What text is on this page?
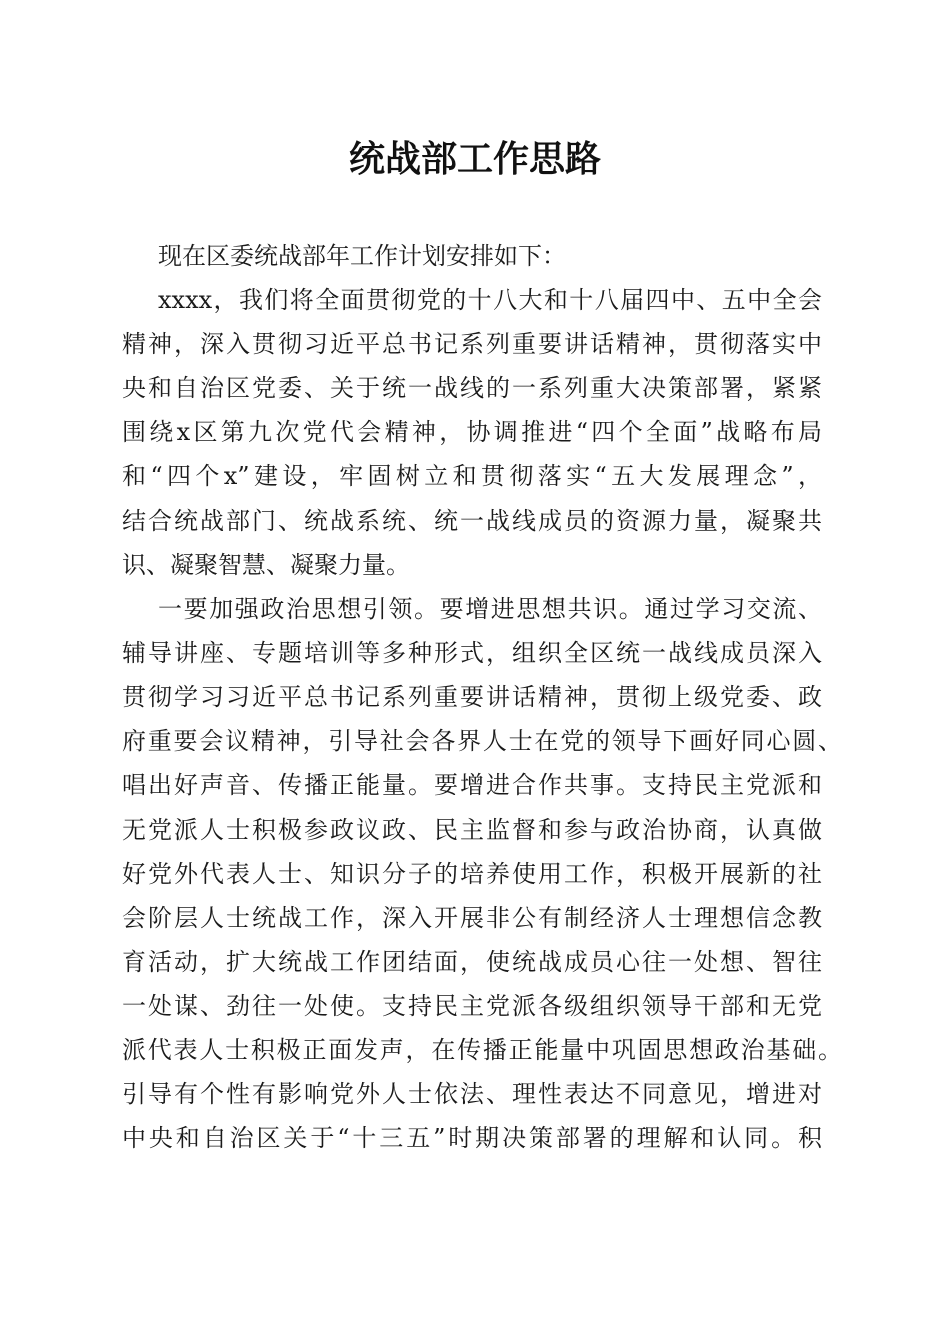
统战部工作思路
现在区委统战部年工作计划安排如下：
xxxx，我们将全面贯彻党的十八大和十八届四中、五中全会
精神，深入贯彻习近平总书记系列重要讲话精神，贯彻落实中
央和自治区党委、关于统一战线的一系列重大决策部署，紧紧
围绕x区第九次党代会精神，协调推进“四个全面”战略布局
和“四个x”建设，牢固树立和贯彻落实“五大发展理念”，
结合统战部门、统战系统、统一战线成员的资源力量，凝聚共
识、凝聚智慧、凝聚力量。
一要加强政治思想引领。要增进思想共识。通过学习交流、
辅导讲座、专题培训等多种形式，组织全区统一战线成员深入
贯彻学习习近平总书记系列重要讲话精神，贯彻上级党委、政
府重要会议精神，引导社会各界人士在党的领导下画好同心圆、
唱出好声音、传播正能量。要增进合作共事。支持民主党派和
无党派人士积极参政议政、民主监督和参与政治协商，认真做
好党外代表人士、知识分子的培养使用工作，积极开展新的社
会阶层人士统战工作，深入开展非公有制经济人士理想信念教
育活动，扩大统战工作团结面，使统战成员心往一处想、智往
一处谋、劲往一处使。支持民主党派各级组织领导干部和无党
派代表人士积极正面发声，在传播正能量中巩固思想政治基础。
引导有个性有影响党外人士依法、理性表达不同意见，增进对
中央和自治区关于“十三五”时期决策部署的理解和认同。积
